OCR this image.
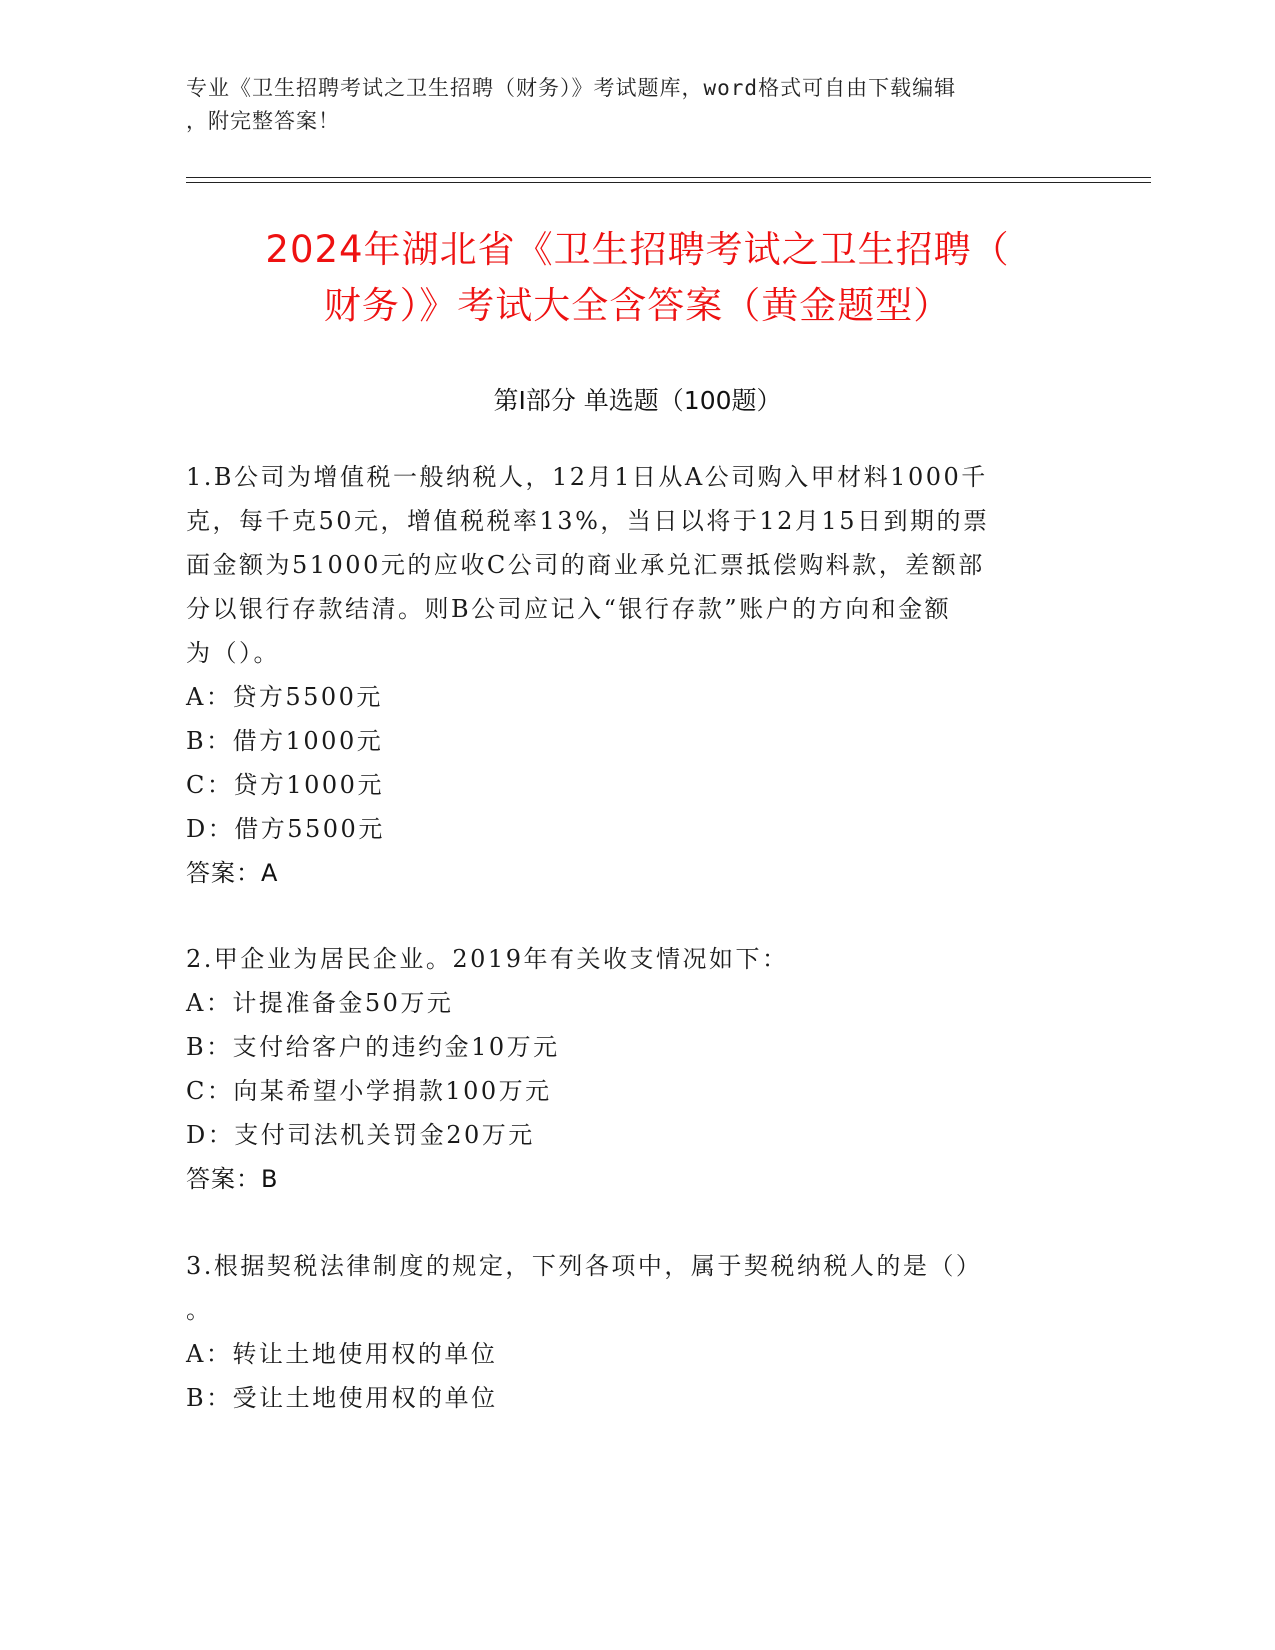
专业《卫生招聘考试之卫生招聘（财务）》考试题库，word格式可自由下载编辑
，附完整答案！
2024年湖北省《卫生招聘考试之卫生招聘（
财务）》考试大全含答案（黄金题型）
第Ⅰ部分 单选题（100题）
1.B公司为增值税一般纳税人，12月1日从A公司购入甲材料1000千
克，每千克50元，增值税税率13%，当日以将于12月15日到期的票
面金额为51000元的应收C公司的商业承兑汇票抵偿购料款，差额部
分以银行存款结清。则B公司应记入“银行存款”账户的方向和金额
为（）。
A：贷方5500元
B：借方1000元
C：贷方1000元
D：借方5500元
答案：A
2.甲企业为居民企业。2019年有关收支情况如下：
A：计提准备金50万元
B：支付给客户的违约金10万元
C：向某希望小学捐款100万元
D：支付司法机关罚金20万元
答案：B
3.根据契税法律制度的规定，下列各项中，属于契税纳税人的是（）
。
A：转让土地使用权的单位
B：受让土地使用权的单位
